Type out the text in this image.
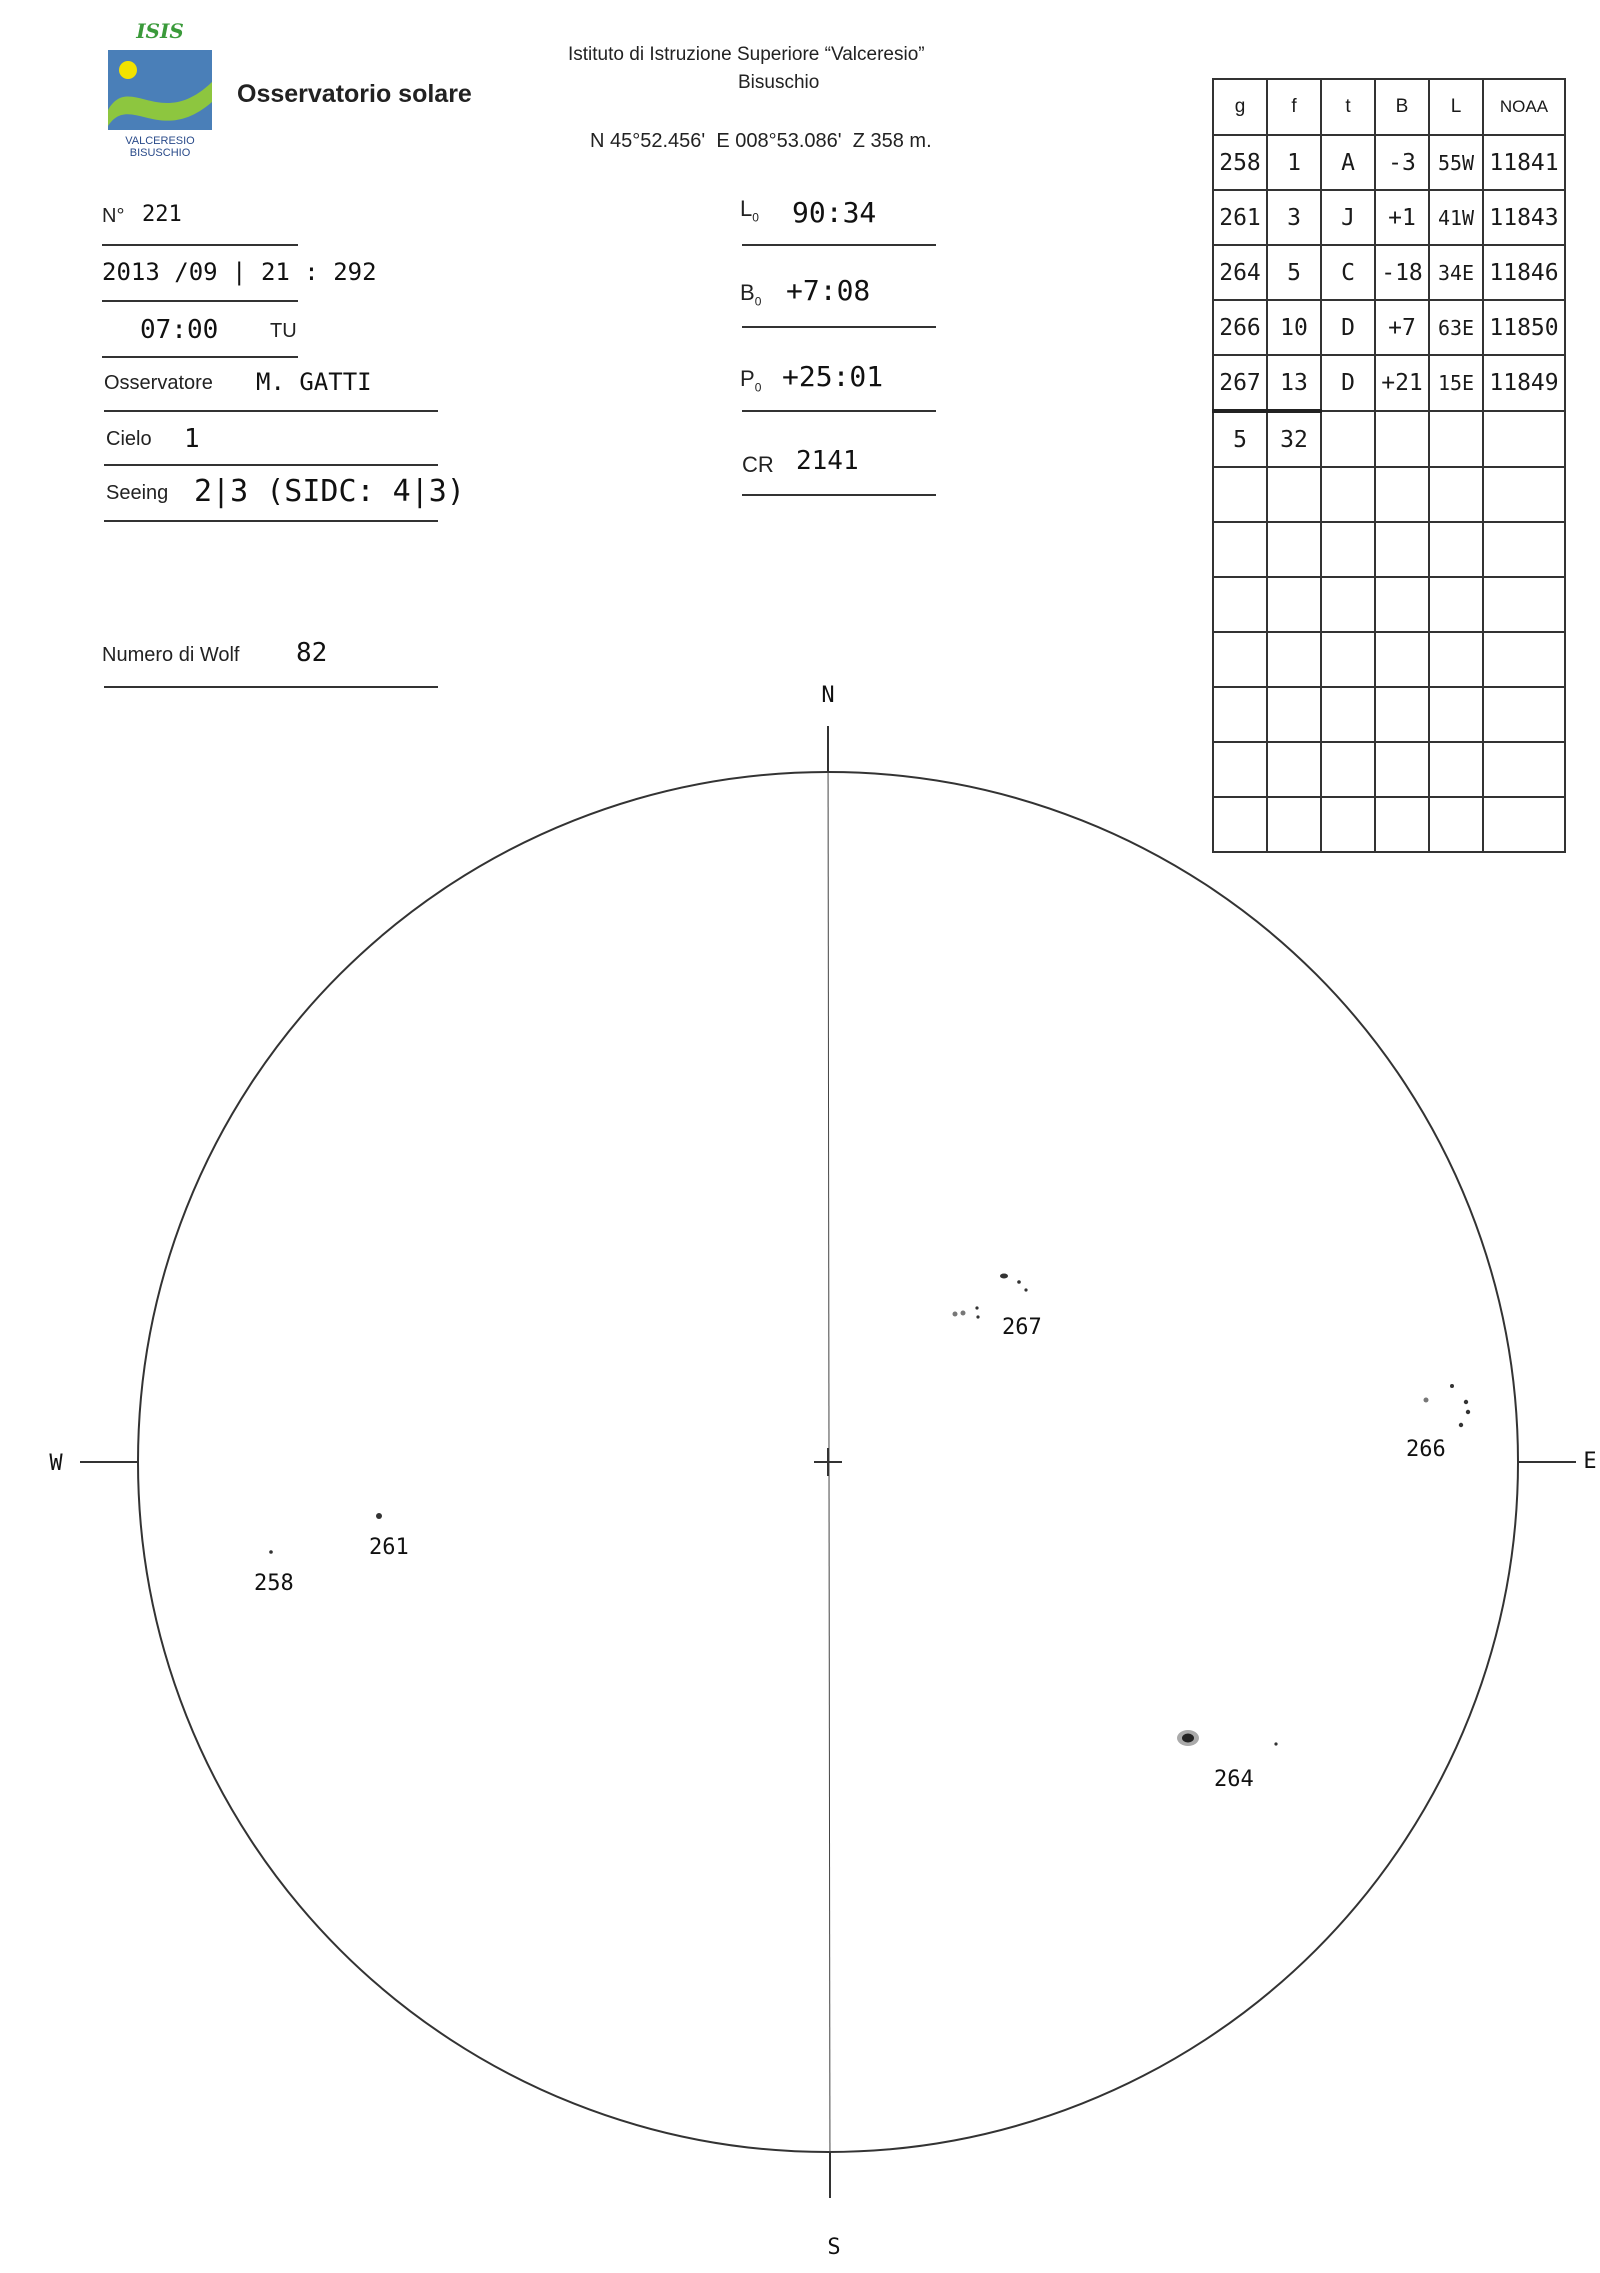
ISIS
VALCERESIO
BISUSCHIO
Osservatorio solare
Istituto di Istruzione Superiore “Valceresio”
Bisuschio
N 45°52.456'  E 008°53.086'  Z 358 m.
N° 221
2013 /09 | 21 : 292
07:00	TU
Osservatore M. GATTI
Cielo 1
Seeing 2|3 (SIDC: 4|3)
Numero di Wolf 82
$L_0$ 90:34
$B_0$ +7:08
$P_0$ +25:01
CR 2141
g	f	t	B	L	NOAA
258	1	A	-3	55W	11841
261	3	J	+1	41W	11843
264	5	C	-18	34E	11846
266	10	D	+7	63E	11850
267	13	D	+21	15E	11849
5	32				

N
S
W	E
267
266
261
258
264
